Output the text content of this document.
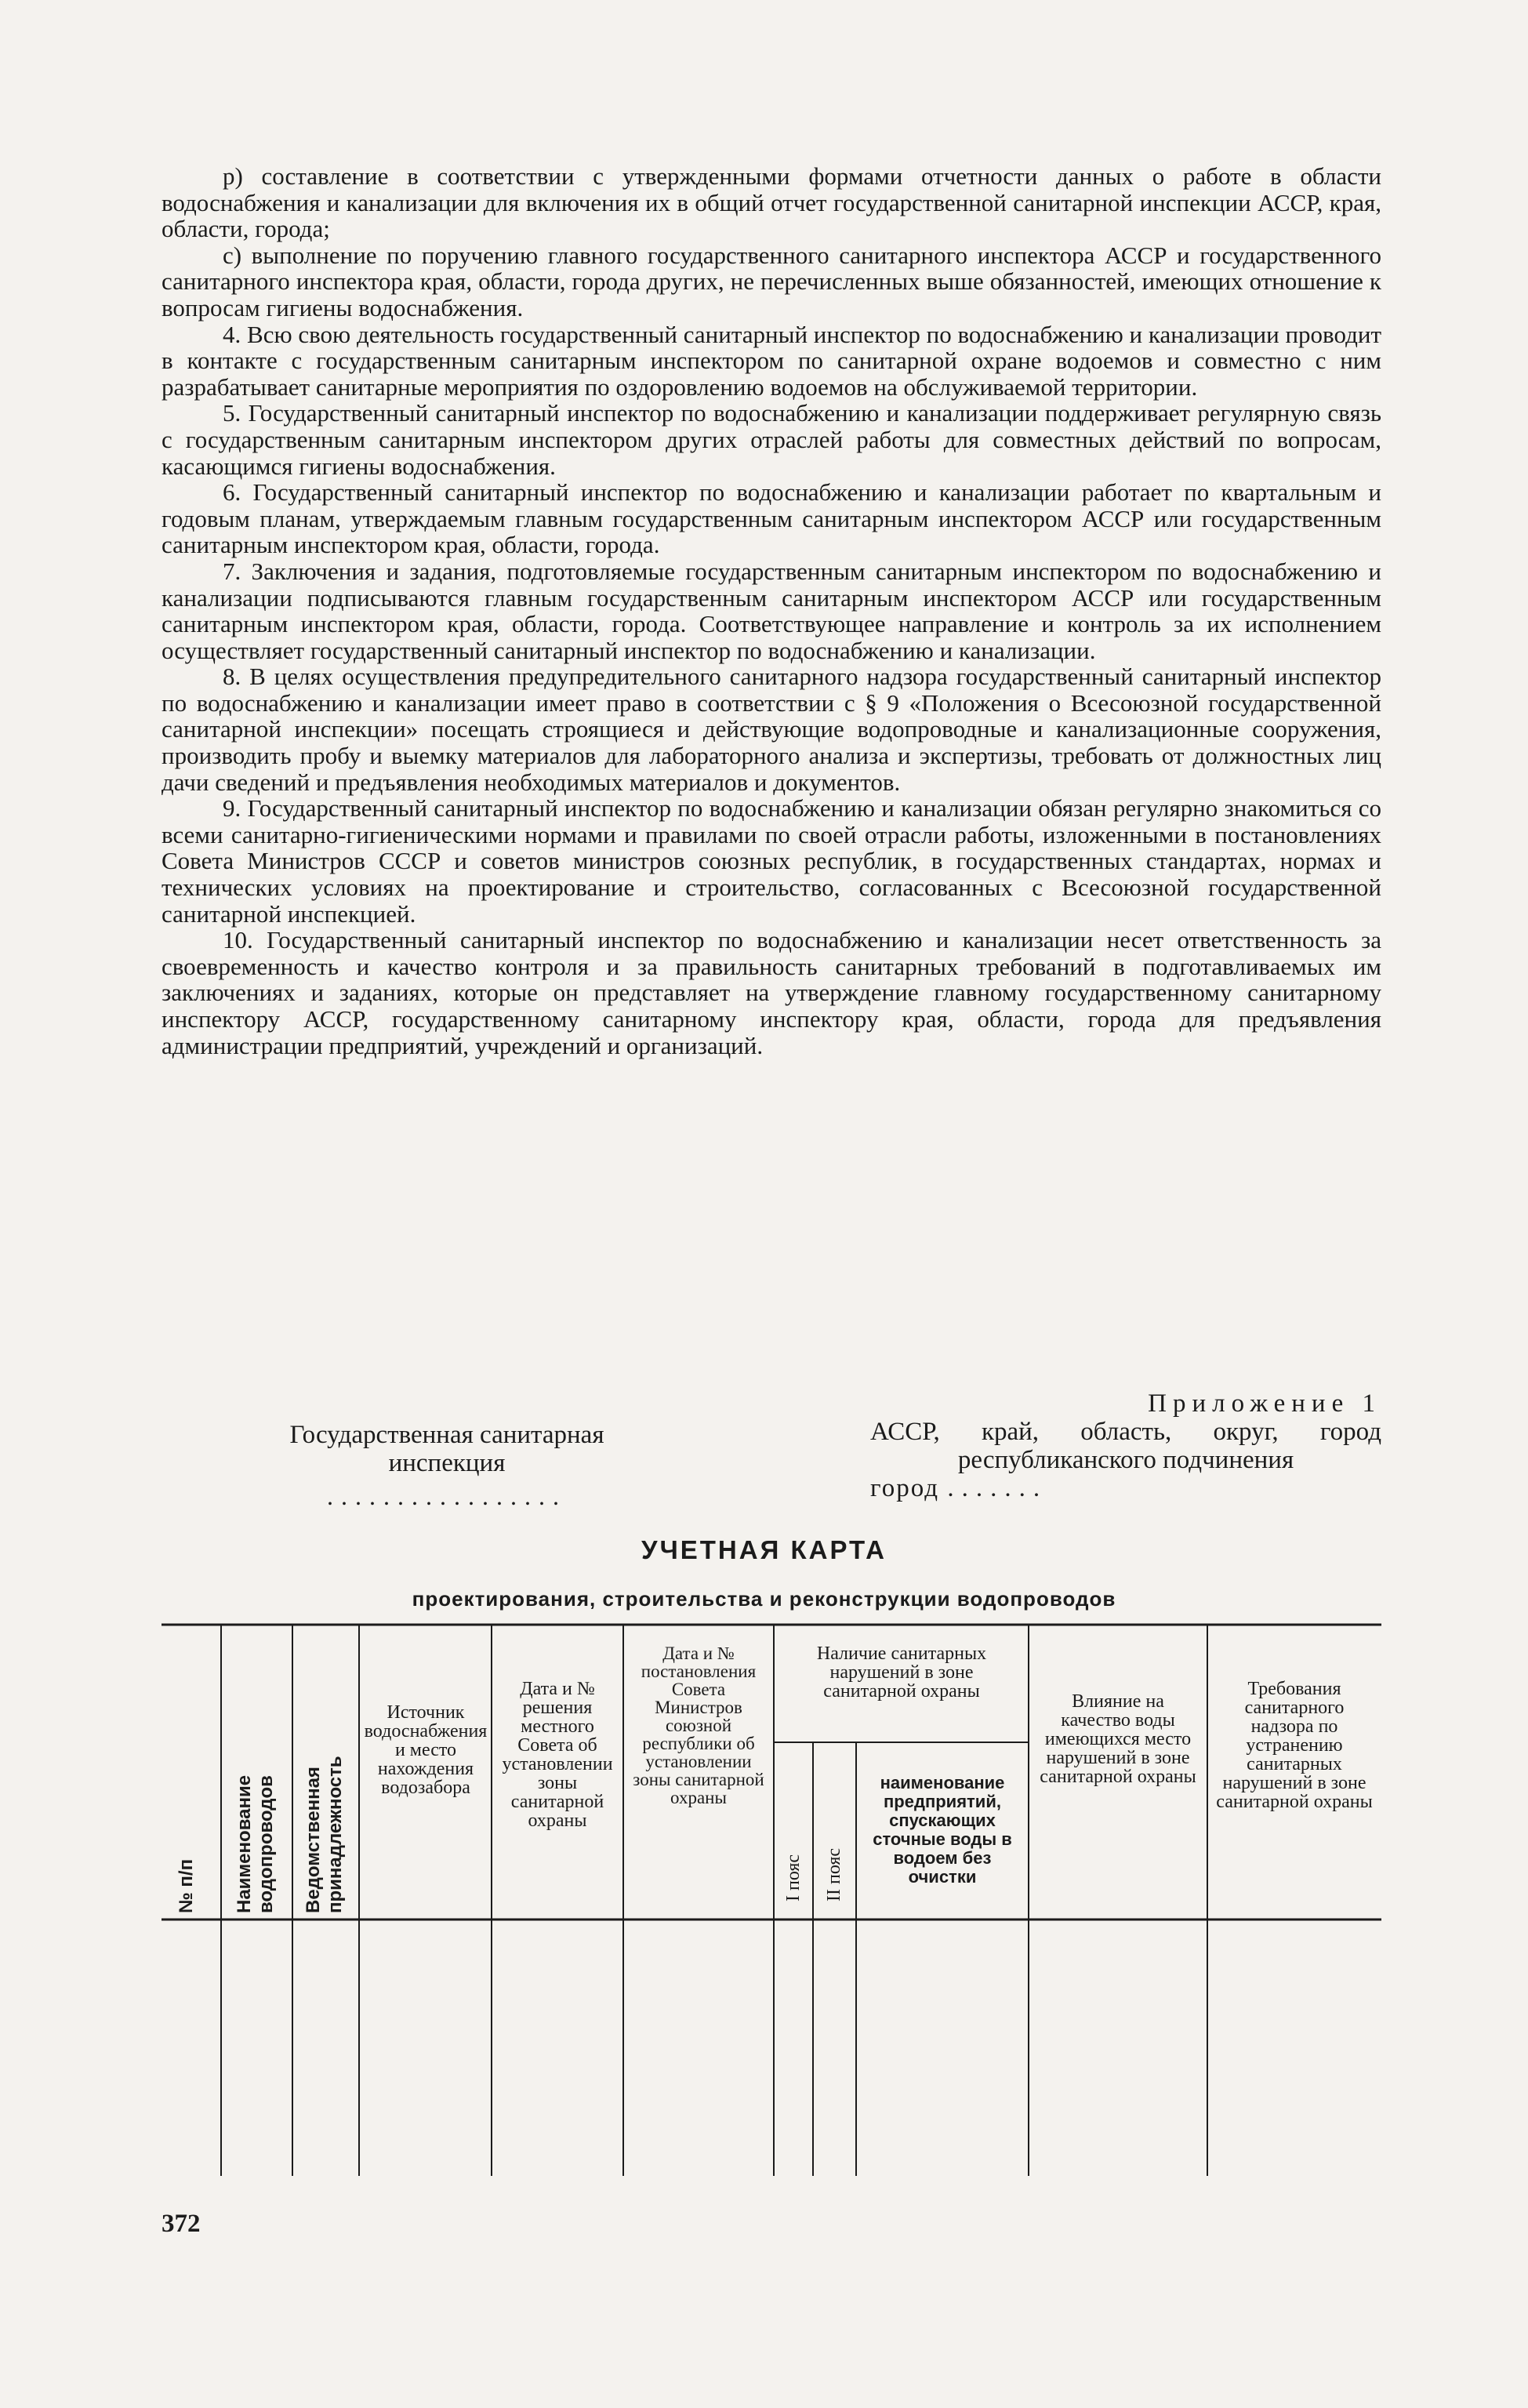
р) составление в соответствии с утвержденными формами отчетности данных о работе в области водоснабжения и канализации для включения их в общий отчет государственной санитарной инспекции АССР, края, области, города;

с) выполнение по поручению главного государственного санитарного инспектора АССР и государственного санитарного инспектора края, области, города других, не перечисленных выше обязанностей, имеющих отношение к вопросам гигиены водоснабжения.

4. Всю свою деятельность государственный санитарный инспектор по водоснабжению и канализации проводит в контакте с государственным санитарным инспектором по санитарной охране водоемов и совместно с ним разрабатывает санитарные мероприятия по оздоровлению водоемов на обслуживаемой территории.

5. Государственный санитарный инспектор по водоснабжению и канализации поддерживает регулярную связь с государственным санитарным инспектором других отраслей работы для совместных действий по вопросам, касающимся гигиены водоснабжения.

6. Государственный санитарный инспектор по водоснабжению и канализации работает по квартальным и годовым планам, утверждаемым главным государственным санитарным инспектором АССР или государственным санитарным инспектором края, области, города.

7. Заключения и задания, подготовляемые государственным санитарным инспектором по водоснабжению и канализации подписываются главным государственным санитарным инспектором АССР или государственным санитарным инспектором края, области, города. Соответствующее направление и контроль за их исполнением осуществляет государственный санитарный инспектор по водоснабжению и канализации.

8. В целях осуществления предупредительного санитарного надзора государственный санитарный инспектор по водоснабжению и канализации имеет право в соответствии с § 9 «Положения о Всесоюзной государственной санитарной инспекции» посещать строящиеся и действующие водопроводные и канализационные сооружения, производить пробу и выемку материалов для лабораторного анализа и экспертизы, требовать от должностных лиц дачи сведений и предъявления необходимых материалов и документов.

9. Государственный санитарный инспектор по водоснабжению и канализации обязан регулярно знакомиться со всеми санитарно-гигиеническими нормами и правилами по своей отрасли работы, изложенными в постановлениях Совета Министров СССР и советов министров союзных республик, в государственных стандартах, нормах и технических условиях на проектирование и строительство, согласованных с Всесоюзной государственной санитарной инспекцией.

10. Государственный санитарный инспектор по водоснабжению и канализации несет ответственность за своевременность и качество контроля и за правильность санитарных требований в подготавливаемых им заключениях и заданиях, которые он представляет на утверждение главному государственному санитарному инспектору АССР, государственному санитарному инспектору края, области, города для предъявления администрации предприятий, учреждений и организаций.

Государственная санитарная
инспекция
.................
Приложение 1
АССР, край, область, округ, город
республиканского подчинения
город .......
УЧЕТНАЯ КАРТА
проектирования, строительства и реконструкции водопроводов
№ п/п Наименование водопроводов Ведомственная принадлежность
Источник водоснабжения и место нахождения водозабора
Дата и № решения местного Совета об установлении зоны санитарной охраны
Дата и № постановления Совета Министров союзной республики об установлении зоны санитарной охраны
Наличие санитарных нарушений в зоне санитарной охраны
I пояс II пояс
наименование предприятий, спускающих сточные воды в водоем без очистки
Влияние на качество воды имеющихся место нарушений в зоне санитарной охраны
Требования санитарного надзора по устранению санитарных нарушений в зоне санитарной охраны
372
